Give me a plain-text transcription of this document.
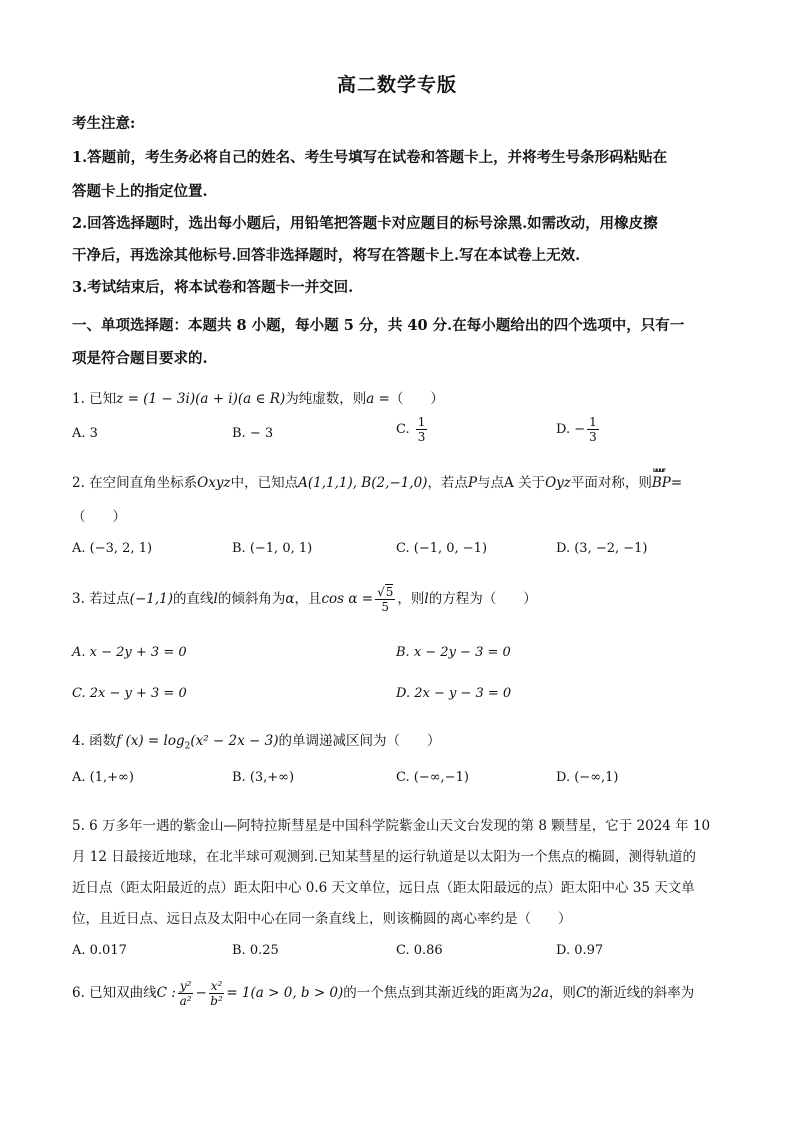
高二数学专版
考生注意:
1.答题前，考生务必将自己的姓名、考生号填写在试卷和答题卡上，并将考生号条形码粘贴在
答题卡上的指定位置.
2.回答选择题时，选出每小题后，用铅笔把答题卡对应题目的标号涂黑.如需改动，用橡皮擦
干净后，再选涂其他标号.回答非选择题时，将写在答题卡上.写在本试卷上无效.
3.考试结束后，将本试卷和答题卡一并交回.
一、单项选择题：本题共 8 小题，每小题 5 分，共 40 分.在每小题给出的四个选项中，只有一
项是符合题目要求的.
1. 已知z = (1 − 3i)(a + i)(a ∈ R)为纯虚数，则a =（　　）
A. 3	B. − 3	C. $\frac{1}{3}$	D. − $\frac{1}{3}$
2. 在空间直角坐标系Oxyz中，已知点A(1,1,1), B(2,−1,0)，若点P与点A 关于Oyz平面对称，则
uuur
BP=
（　　）
A. (−3, 2, 1)	B. (−1, 0, 1)	C. (−1, 0, −1)	D. (3, −2, −1)
3. 若过点(−1,1)的直线l的倾斜角为α，且$\cos \alpha = \frac{√5}{5}$ ，则l的方程为（　　）
A. x − 2y + 3 = 0	B. x − 2y − 3 = 0
C. 2x − y + 3 = 0	D. 2x − y − 3 = 0
4. 函数f $(x) = \log_2(x^2 - 2x - 3)$的单调递减区间为（　　）
A. (1,+∞)	B. (3,+∞)	C. (−∞,−1)	D. (−∞,1)
5. 6 万多年一遇的紫金山—阿特拉斯彗星是中国科学院紫金山天文台发现的第 8 颗彗星，它于 2024 年 10
月 12 日最接近地球，在北半球可观测到.已知某彗星的运行轨道是以太阳为一个焦点的椭圆，测得轨道的
近日点（距太阳最近的点）距太阳中心 0.6 天文单位，远日点（距太阳最远的点）距太阳中心 35 天文单
位，且近日点、远日点及太阳中心在同一条直线上，则该椭圆的离心率约是（　　）
A. 0.017	B. 0.25	C. 0.86	D. 0.97
6. 已知双曲线C : $\frac{\text{y²}}{\text{a²}} - \frac{\text{x²}}{\text{b²}} = 1(a > 0$, b > 0)的一个焦点到其渐近线的距离为2a，则C的渐近线的斜率为
